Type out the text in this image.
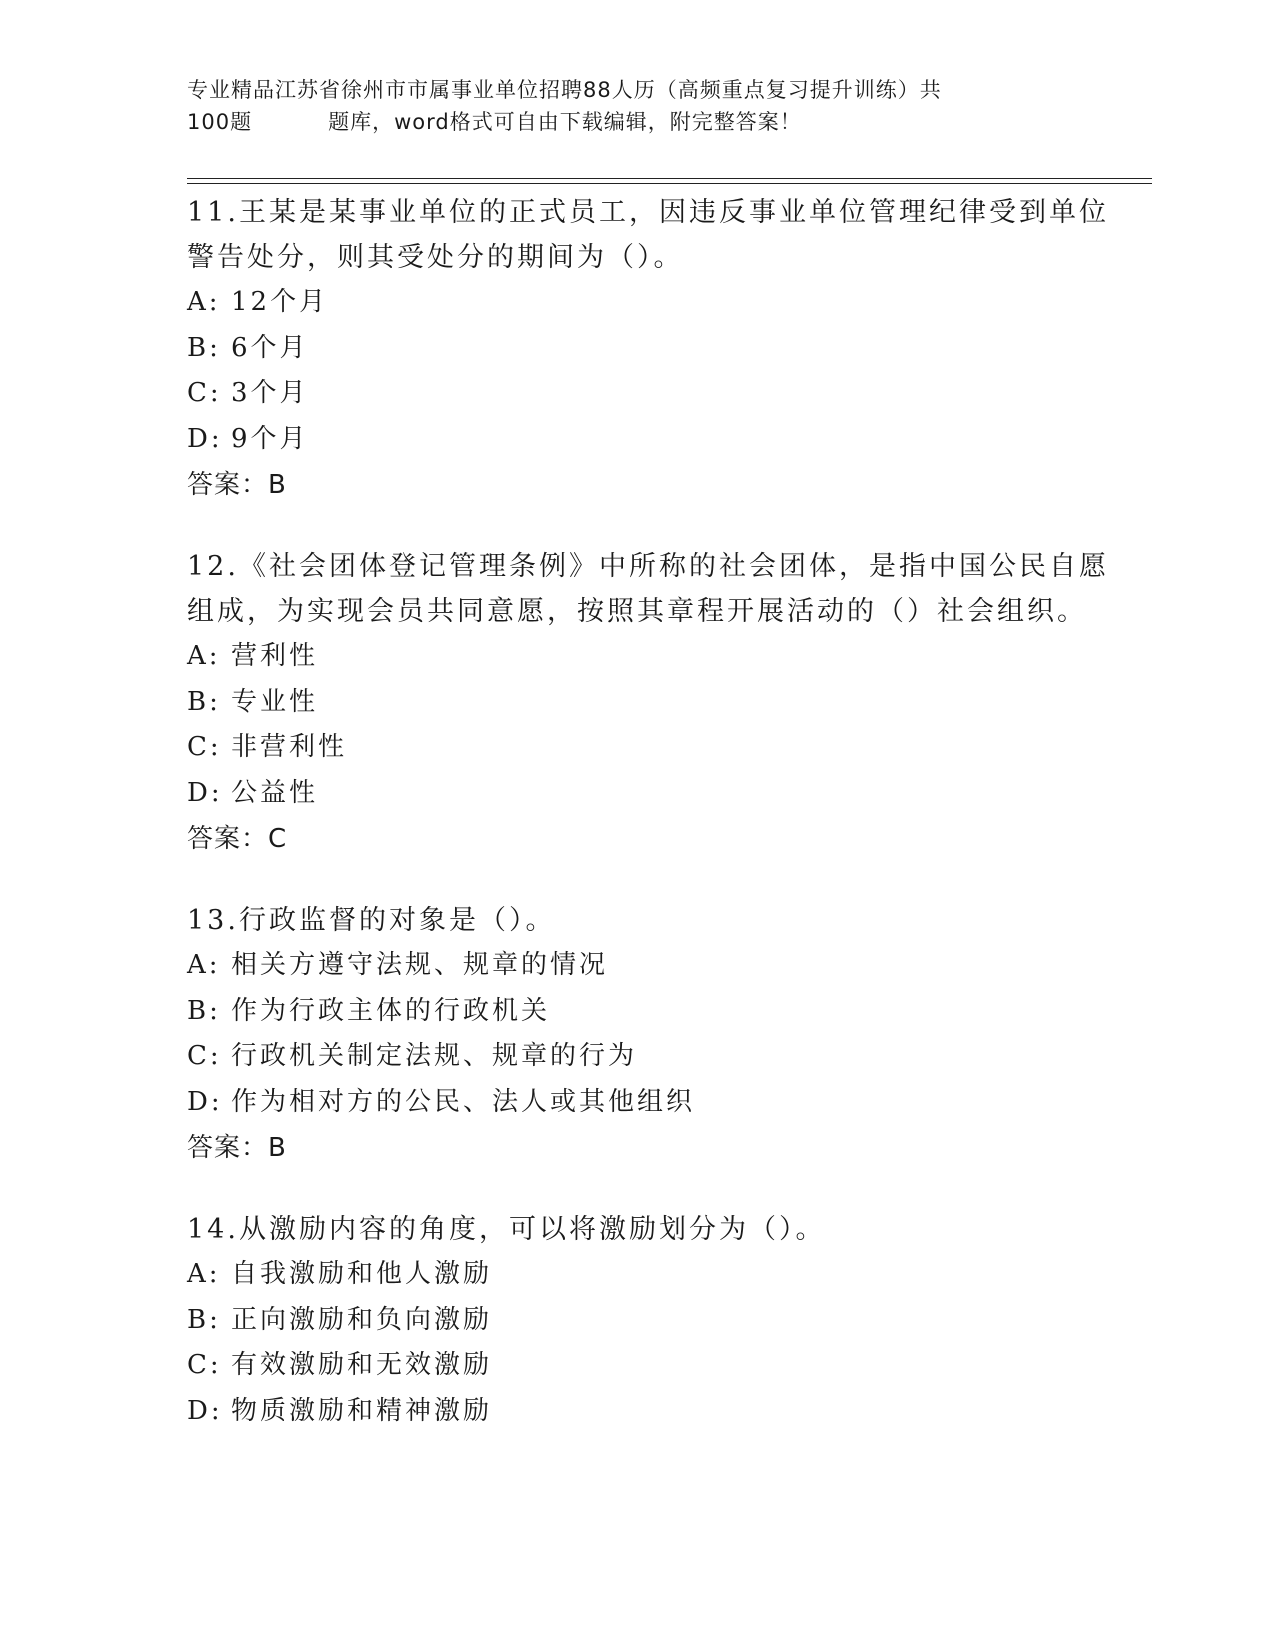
专业精品江苏省徐州市市属事业单位招聘88人历（高频重点复习提升训练）共
100题	题库，word格式可自由下载编辑，附完整答案！
11.王某是某事业单位的正式员工，因违反事业单位管理纪律受到单位警告处分，则其受处分的期间为（）。
A: 12个月
B: 6个月
C: 3个月
D: 9个月
答案：B
12.《社会团体登记管理条例》中所称的社会团体，是指中国公民自愿组成，为实现会员共同意愿，按照其章程开展活动的（）社会组织。
A: 营利性
B: 专业性
C: 非营利性
D: 公益性
答案：C
13.行政监督的对象是（）。
A: 相关方遵守法规、规章的情况
B: 作为行政主体的行政机关
C: 行政机关制定法规、规章的行为
D: 作为相对方的公民、法人或其他组织
答案：B
14.从激励内容的角度，可以将激励划分为（）。
A: 自我激励和他人激励
B: 正向激励和负向激励
C: 有效激励和无效激励
D: 物质激励和精神激励
